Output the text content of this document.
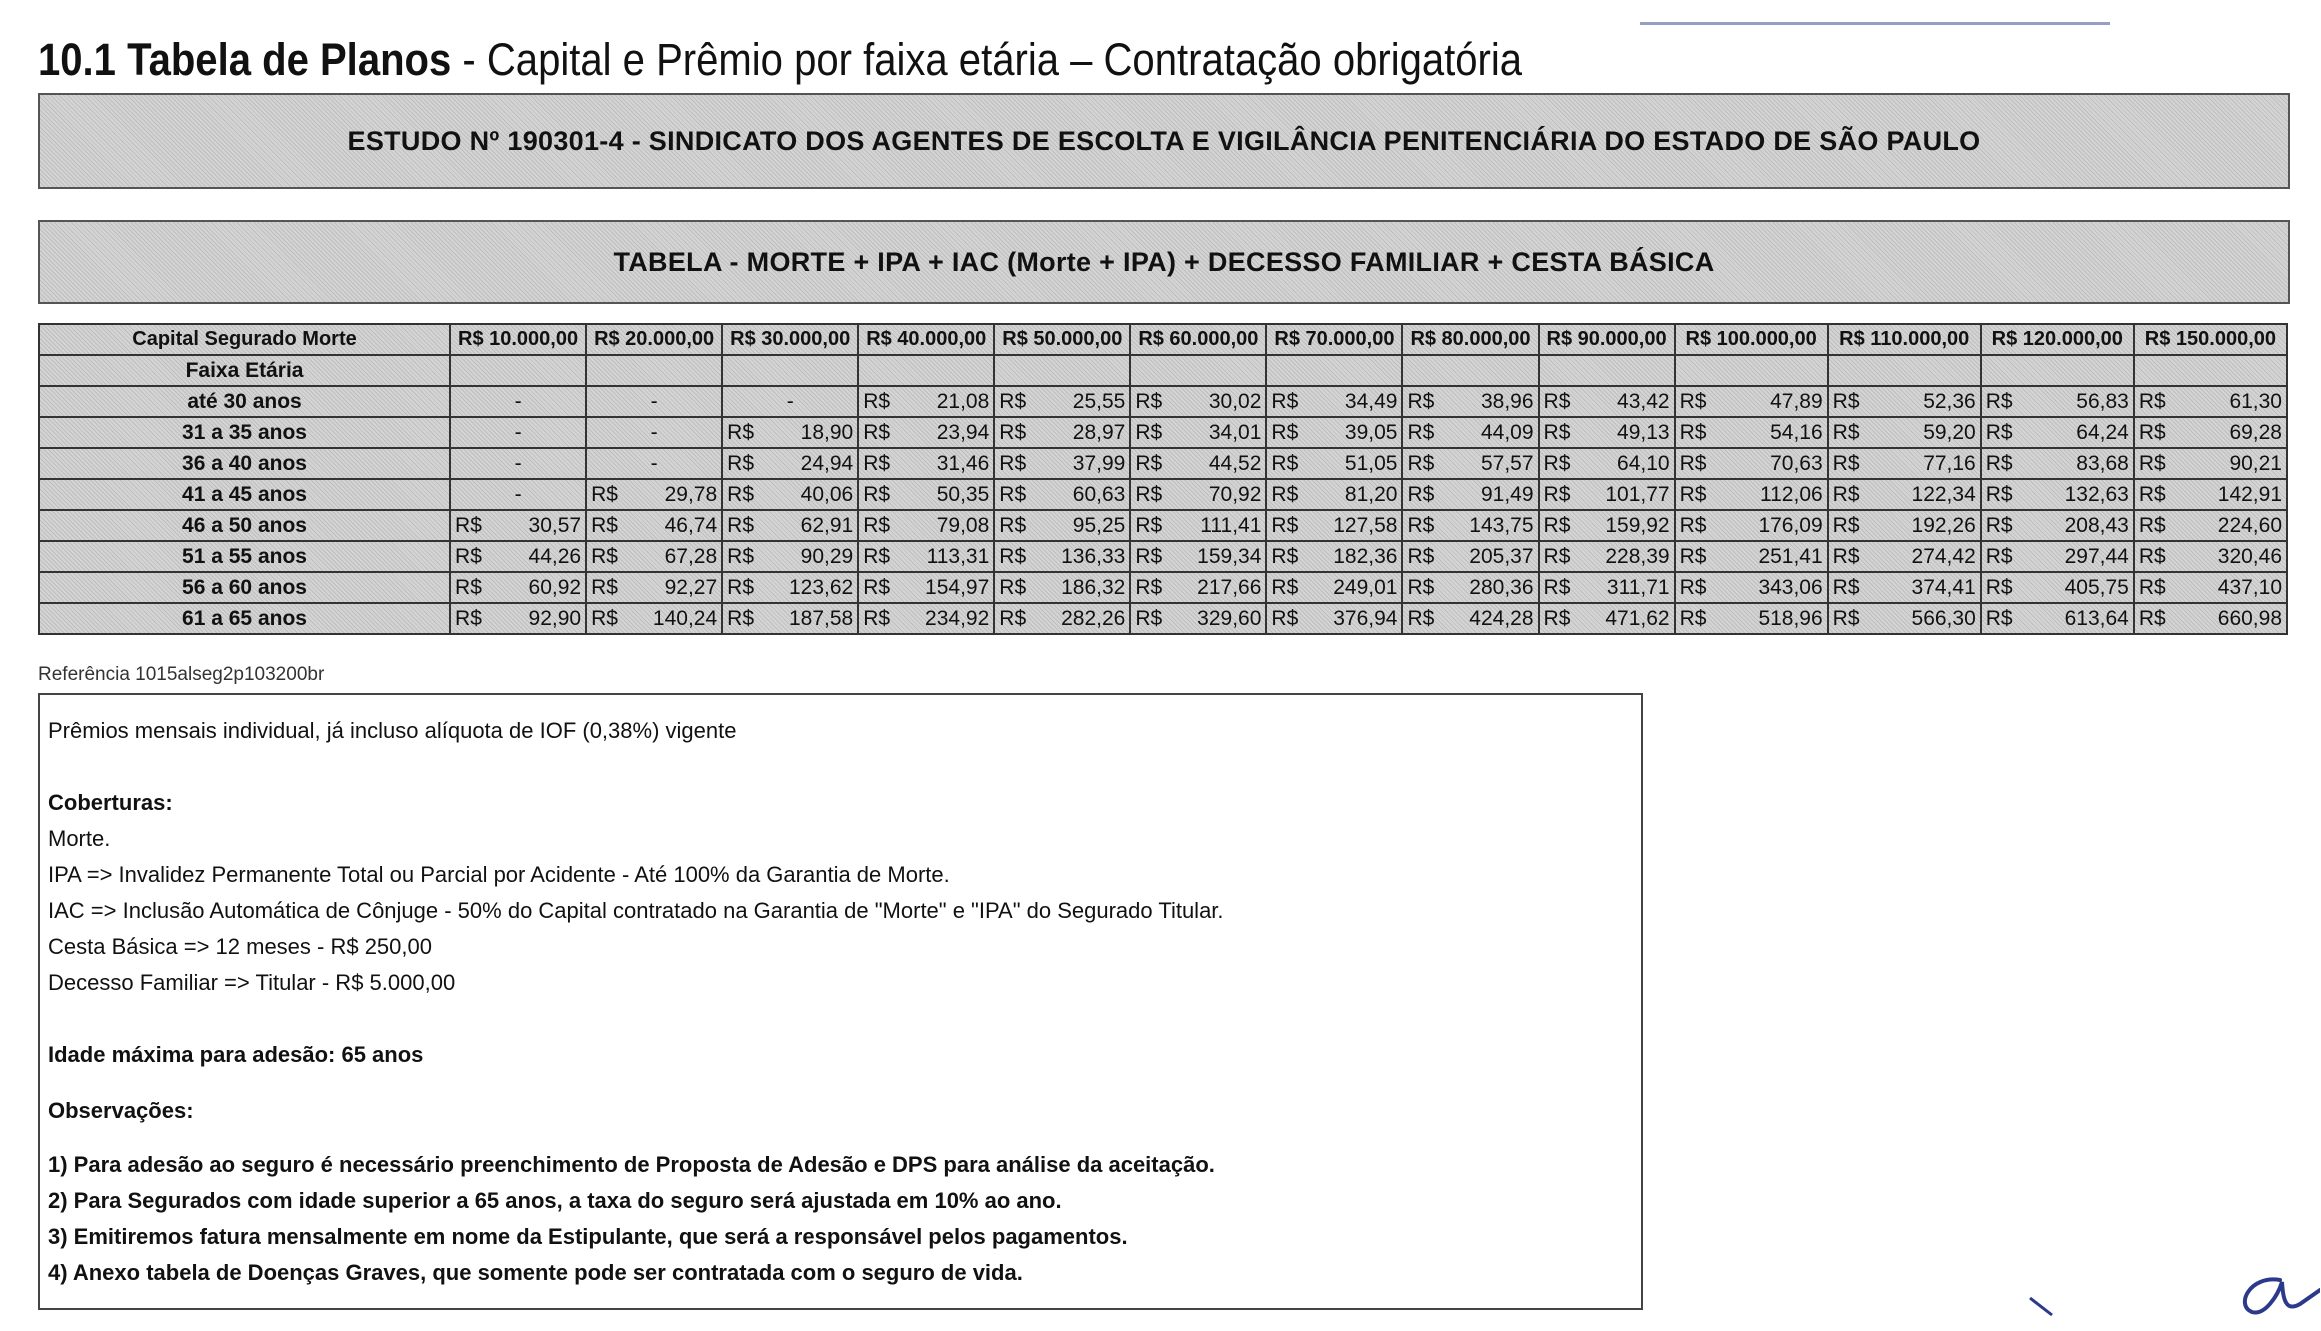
10.1 Tabela de Planos - Capital e Prêmio por faixa etária – Contratação obrigatória
ESTUDO Nº 190301-4 - SINDICATO DOS AGENTES DE ESCOLTA E VIGILÂNCIA PENITENCIÁRIA DO ESTADO DE SÃO PAULO
TABELA - MORTE + IPA + IAC (Morte + IPA) + DECESSO FAMILIAR + CESTA BÁSICA
Capital Segurado Morte	R$ 10.000,00	R$ 20.000,00	R$ 30.000,00	R$ 40.000,00	R$ 50.000,00	R$ 60.000,00	R$ 70.000,00	R$ 80.000,00	R$ 90.000,00	R$ 100.000,00	R$ 110.000,00	R$ 120.000,00	R$ 150.000,00
Faixa Etária													
até 30 anos	-	-	-	R$ 21,08	R$ 25,55	R$ 30,02	R$ 34,49	R$ 38,96	R$ 43,42	R$ 47,89	R$ 52,36	R$ 56,83	R$ 61,30

31 a 35 anos	-	-	R$ 18,90	R$ 23,94	R$ 28,97	R$ 34,01	R$ 39,05	R$ 44,09	R$ 49,13	R$ 54,16	R$ 59,20	R$ 64,24	R$ 69,28

36 a 40 anos	-	-	R$ 24,94	R$ 31,46	R$ 37,99	R$ 44,52	R$ 51,05	R$ 57,57	R$ 64,10	R$ 70,63	R$ 77,16	R$ 83,68	R$ 90,21

41 a 45 anos	-	R$ 29,78	R$ 40,06	R$ 50,35	R$ 60,63	R$ 70,92	R$ 81,20	R$ 91,49	R$ 101,77	R$ 112,06	R$ 122,34	R$ 132,63	R$ 142,91

46 a 50 anos	R$ 30,57	R$ 46,74	R$ 62,91	R$ 79,08	R$ 95,25	R$ 111,41	R$ 127,58	R$ 143,75	R$ 159,92	R$ 176,09	R$ 192,26	R$ 208,43	R$ 224,60

51 a 55 anos	R$ 44,26	R$ 67,28	R$ 90,29	R$ 113,31	R$ 136,33	R$ 159,34	R$ 182,36	R$ 205,37	R$ 228,39	R$ 251,41	R$ 274,42	R$ 297,44	R$ 320,46

56 a 60 anos	R$ 60,92	R$ 92,27	R$ 123,62	R$ 154,97	R$ 186,32	R$ 217,66	R$ 249,01	R$ 280,36	R$ 311,71	R$ 343,06	R$ 374,41	R$ 405,75	R$ 437,10

61 a 65 anos	R$ 92,90	R$ 140,24	R$ 187,58	R$ 234,92	R$ 282,26	R$ 329,60	R$ 376,94	R$ 424,28	R$ 471,62	R$ 518,96	R$ 566,30	R$ 613,64	R$ 660,98
Referência 1015alseg2p103200br

Prêmios mensais individual, já incluso alíquota de IOF (0,38%) vigente

Coberturas:

Morte.

IPA => Invalidez Permanente Total ou Parcial por Acidente - Até 100% da Garantia de Morte.

IAC => Inclusão Automática de Cônjuge - 50% do Capital contratado na Garantia de "Morte" e "IPA" do Segurado Titular.

Cesta Básica => 12 meses - R$ 250,00

Decesso Familiar => Titular - R$ 5.000,00

Idade máxima para adesão: 65 anos

Observações:

1) Para adesão ao seguro é necessário preenchimento de Proposta de Adesão e DPS para análise da aceitação.

2) Para Segurados com idade superior a 65 anos, a taxa do seguro será ajustada em 10% ao ano.

3) Emitiremos fatura mensalmente em nome da Estipulante, que será a responsável pelos pagamentos.

4) Anexo tabela de Doenças Graves, que somente pode ser contratada com o seguro de vida.
